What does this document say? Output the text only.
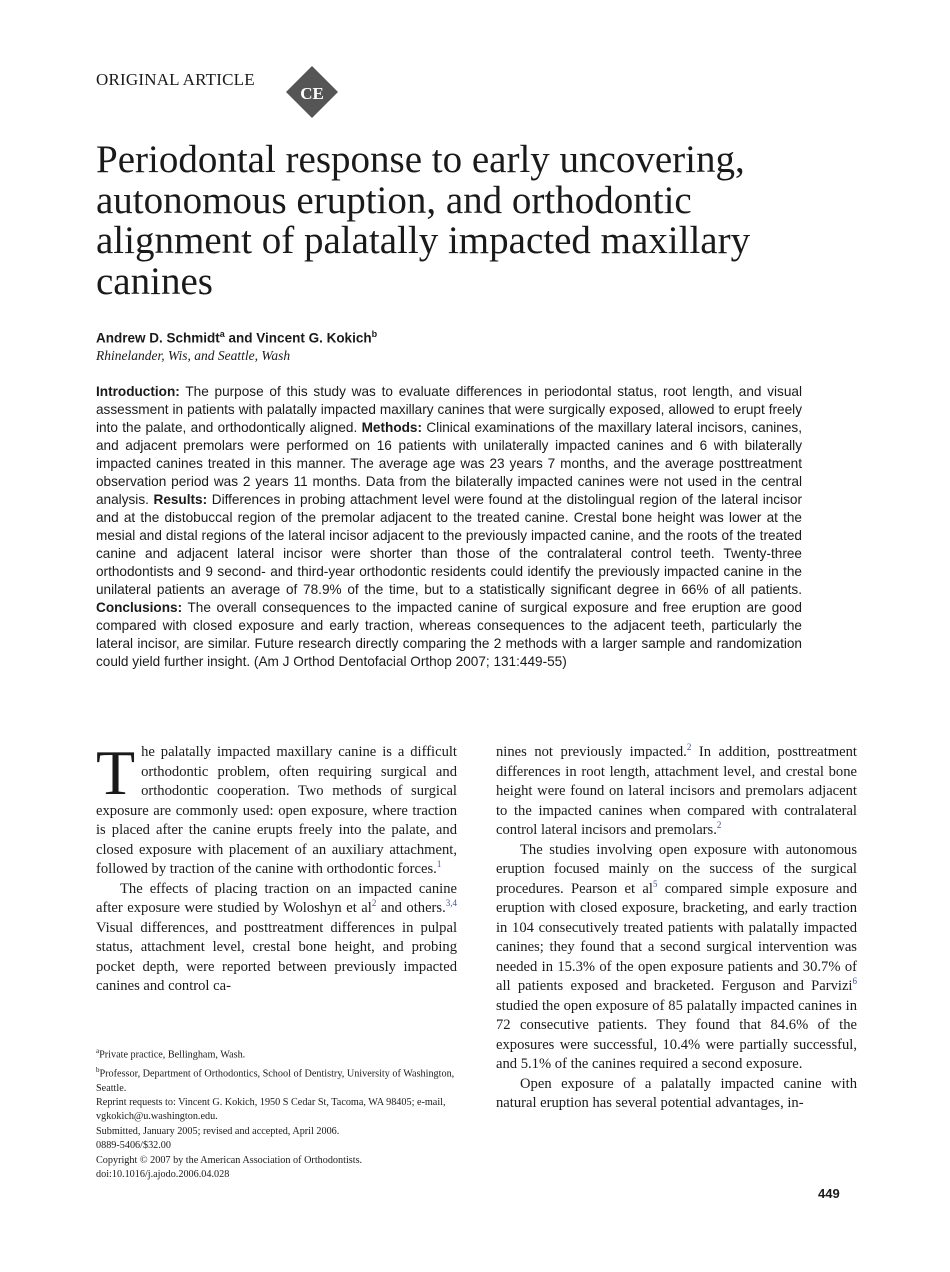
ORIGINAL ARTICLE
CE
Periodontal response to early uncovering, autonomous eruption, and orthodontic alignment of palatally impacted maxillary canines
Andrew D. Schmidt$^a$ and Vincent G. Kokich$^b$
Rhinelander, Wis, and Seattle, Wash

Introduction: The purpose of this study was to evaluate differences in periodontal status, root length, and visual assessment in patients with palatally impacted maxillary canines that were surgically exposed, allowed to erupt freely into the palate, and orthodontically aligned. Methods: Clinical examinations of the maxillary lateral incisors, canines, and adjacent premolars were performed on 16 patients with unilaterally impacted canines and 6 with bilaterally impacted canines treated in this manner. The average age was 23 years 7 months, and the average posttreatment observation period was 2 years 11 months. Data from the bilaterally impacted canines were not used in the central analysis. Results: Differences in probing attachment level were found at the distolingual region of the lateral incisor and at the distobuccal region of the premolar adjacent to the treated canine. Crestal bone height was lower at the mesial and distal regions of the lateral incisor adjacent to the previously impacted canine, and the roots of the treated canine and adjacent lateral incisor were shorter than those of the contralateral control teeth. Twenty-three orthodontists and 9 second- and third-year orthodontic residents could identify the previously impacted canine in the unilateral patients an average of 78.9% of the time, but to a statistically significant degree in 66% of all patients. Conclusions: The overall consequences to the impacted canine of surgical exposure and free eruption are good compared with closed exposure and early traction, whereas consequences to the adjacent teeth, particularly the lateral incisor, are similar. Future research directly comparing the 2 methods with a larger sample and randomization could yield further insight. (Am J Orthod Dentofacial Orthop 2007; 131:449-55)

The palatally impacted maxillary canine is a difficult orthodontic problem, often requiring surgical and orthodontic cooperation. Two methods of surgical exposure are commonly used: open exposure, where traction is placed after the canine erupts freely into the palate, and closed exposure with placement of an auxiliary attachment, followed by traction of the canine with orthodontic forces.$^1$

The effects of placing traction on an impacted canine after exposure were studied by Woloshyn et $al^2$ and others.$^{3,4}$ Visual differences, and posttreatment differences in pulpal status, attachment level, crestal bone height, and probing pocket depth, were reported between previously impacted canines and control ca-

nines not previously impacted.$^2$ In addition, posttreatment differences in root length, attachment level, and crestal bone height were found on lateral incisors and premolars adjacent to the impacted canines when compared with contralateral control lateral incisors and premolars.$^2$

The studies involving open exposure with autonomous eruption focused mainly on the success of the surgical procedures. Pearson et $al^5$ compared simple exposure and eruption with closed exposure, bracketing, and early traction in 104 consecutively treated patients with palatally impacted canines; they found that a second surgical intervention was needed in 15.3% of the open exposure patients and 30.7% of all patients exposed and bracketed. Ferguson and Parvizi$^6$ studied the open exposure of 85 palatally impacted canines in 72 consecutive patients. They found that 84.6% of the exposures were successful, 10.4% were partially successful, and 5.1% of the canines required a second exposure.

Open exposure of a palatally impacted canine with natural eruption has several potential advantages, in-

$^a$Private practice, Bellingham, Wash.
$^b$Professor, Department of Orthodontics, School of Dentistry, University of Washington, Seattle.
Reprint requests to: Vincent G. Kokich, 1950 S Cedar St, Tacoma, WA 98405; e-mail, vgkokich@u.washington.edu.
Submitted, January 2005; revised and accepted, April 2006.
0889-5406/$32.00
Copyright © 2007 by the American Association of Orthodontists.
doi:10.1016/j.ajodo.2006.04.028
449
